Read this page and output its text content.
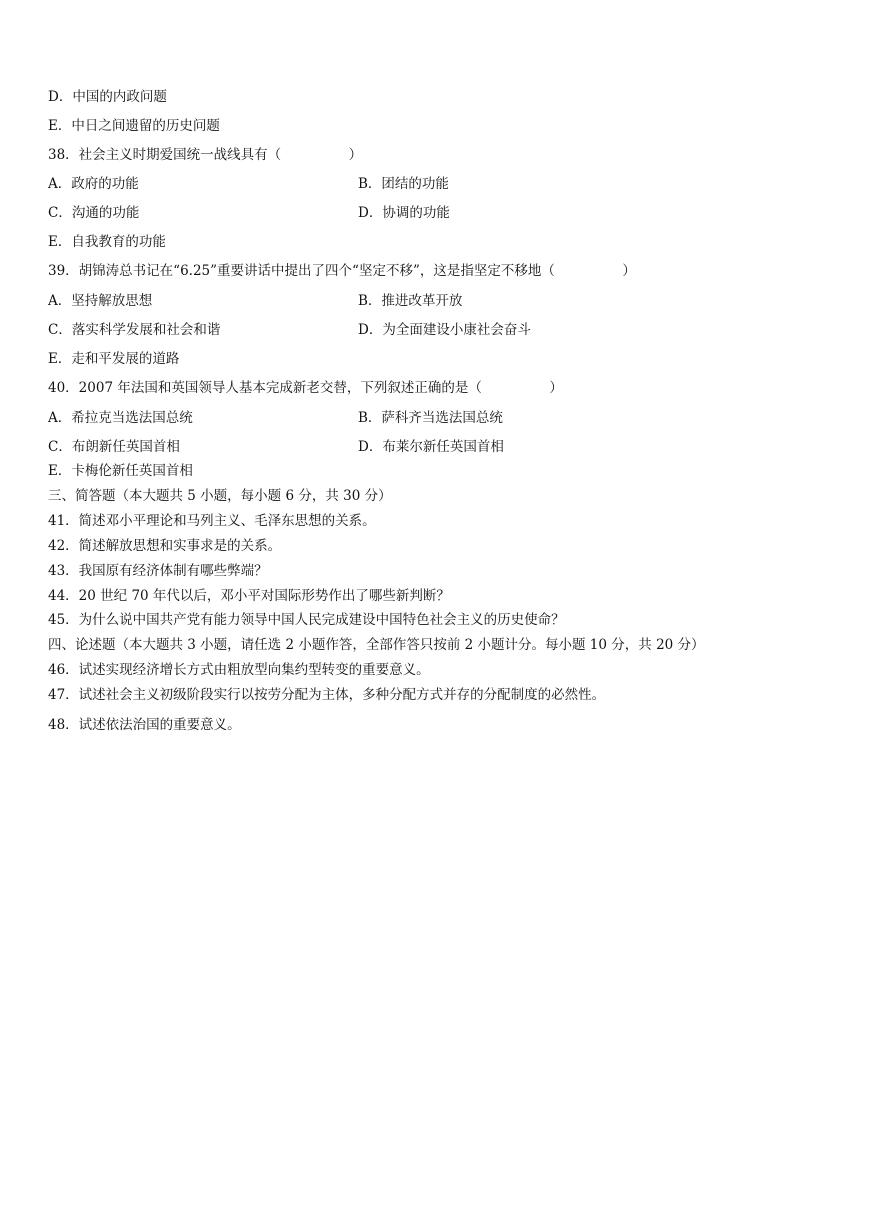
D．中国的内政问题
E．中日之间遗留的历史问题
38．社会主义时期爱国统一战线具有（　　　　　）
A．政府的功能	B．团结的功能
C．沟通的功能	D．协调的功能
E．自我教育的功能
39．胡锦涛总书记在“6.25”重要讲话中提出了四个“坚定不移”，这是指坚定不移地（　　　　　）
A．坚持解放思想	B．推进改革开放
C．落实科学发展和社会和谐	D．为全面建设小康社会奋斗
E．走和平发展的道路
40．2007 年法国和英国领导人基本完成新老交替，下列叙述正确的是（　　　　　）
A．希拉克当选法国总统	B．萨科齐当选法国总统
C．布朗新任英国首相	D．布莱尔新任英国首相
E．卡梅伦新任英国首相
三、简答题（本大题共 5 小题，每小题 6 分，共 30 分）
41．简述邓小平理论和马列主义、毛泽东思想的关系。
42．简述解放思想和实事求是的关系。
43．我国原有经济体制有哪些弊端？
44．20 世纪 70 年代以后，邓小平对国际形势作出了哪些新判断？
45．为什么说中国共产党有能力领导中国人民完成建设中国特色社会主义的历史使命？
四、论述题（本大题共 3 小题，请任选 2 小题作答，全部作答只按前 2 小题计分。每小题 10 分，共 20 分）
46．试述实现经济增长方式由粗放型向集约型转变的重要意义。
47．试述社会主义初级阶段实行以按劳分配为主体，多种分配方式并存的分配制度的必然性。
48．试述依法治国的重要意义。
